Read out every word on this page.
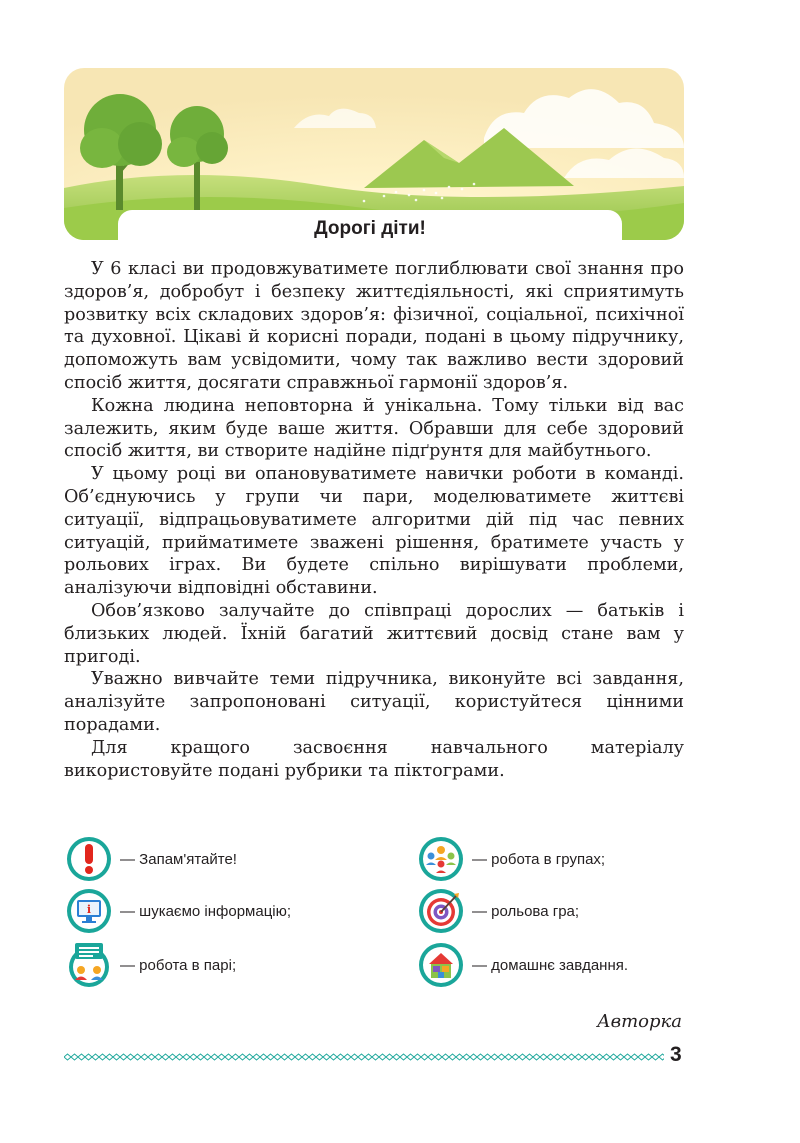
Дорогі діти!

У 6 класі ви продовжуватимете поглиблювати свої знання про здоров’я, добробут і безпеку життєдіяльності, які сприятимуть розвитку всіх складових здоров’я: фізичної, соціальної, психічної та духовної. Цікаві й корисні поради, подані в цьому підручнику, допоможуть вам усвідомити, чому так важливо вести здоровий спосіб життя, досягати справжньої гармонії здоров’я.

Кожна людина неповторна й унікальна. Тому тільки від вас залежить, яким буде ваше життя. Обравши для себе здоровий спосіб життя, ви створите надійне підґрунтя для майбутнього.

У цьому році ви опановуватимете навички роботи в команді. Об’єднуючись у групи чи пари, моделюватимете життєві ситуації, відпрацьовуватимете алгоритми дій під час певних ситуацій, прийматимете зважені рішення, братимете участь у рольових іграх. Ви будете спільно вирішувати проблеми, аналізуючи відповідні обставини.

Обов’язково залучайте до співпраці дорослих — батьків і близьких людей. Їхній багатий життєвий досвід стане вам у пригоді.

Уважно вивчайте теми підручника, виконуйте всі завдання, аналізуйте запропоновані ситуації, користуйтеся цінними порадами.

Для кращого засвоєння навчального матеріалу використовуйте подані рубрики та піктограми.

— Запам'ятайте!	— робота в групах;
i — шукаємо інформацію;	— рольова гра;
— робота в парі;	— домашнє завдання.
Авторка
3
